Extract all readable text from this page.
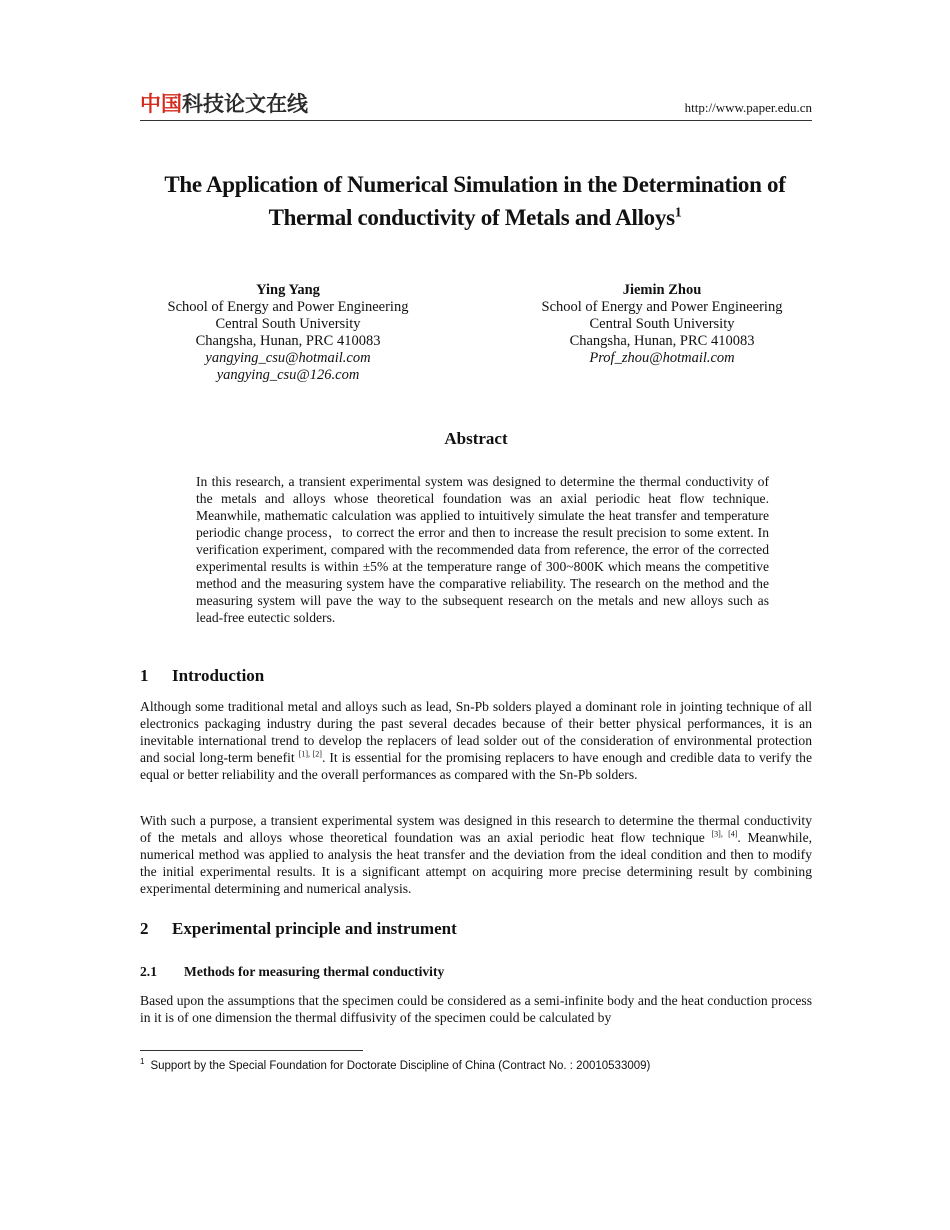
中国 科技论文在线	http://www.paper.edu.cn
The Application of Numerical Simulation in the Determination of
Thermal conductivity of Metals and Alloys$^1$
Ying Yang
School of Energy and Power Engineering
Central South University
Changsha, Hunan, PRC 410083
yangying_csu@hotmail.com
yangying_csu@126.com
Jiemin Zhou
School of Energy and Power Engineering
Central South University
Changsha, Hunan, PRC 410083
Prof_zhou@hotmail.com
Abstract
In this research, a transient experimental system was designed to determine the thermal conductivity of the metals and alloys whose theoretical foundation was an axial periodic heat flow technique. Meanwhile, mathematic calculation was applied to intuitively simulate the heat transfer and temperature periodic change process，to correct the error and then to increase the result precision to some extent. In verification experiment, compared with the recommended data from reference, the error of the corrected experimental results is within ±5% at the temperature range of 300~800K which means the competitive method and the measuring system have the comparative reliability. The research on the method and the measuring system will pave the way to the subsequent research on the metals and new alloys such as lead-free eutectic solders.
1 Introduction
Although some traditional metal and alloys such as lead, Sn-Pb solders played a dominant role in jointing technique of all electronics packaging industry during the past several decades because of their better physical performances, it is an inevitable international trend to develop the replacers of lead solder out of the consideration of environmental protection and social long-term benefit [1], [2]. It is essential for the promising replacers to have enough and credible data to verify the equal or better reliability and the overall performances as compared with the Sn-Pb solders.
With such a purpose, a transient experimental system was designed in this research to determine the thermal conductivity of the metals and alloys whose theoretical foundation was an axial periodic heat flow technique [3], [4]. Meanwhile, numerical method was applied to analysis the heat transfer and the deviation from the ideal condition and then to modify the initial experimental results. It is a significant attempt on acquiring more precise determining result by combining experimental determining and numerical analysis.
2 Experimental principle and instrument
2.1 Methods for measuring thermal conductivity
Based upon the assumptions that the specimen could be considered as a semi-infinite body and the heat conduction process in it is of one dimension the thermal diffusivity of the specimen could be calculated by
$^1$ Support by the Special Foundation for Doctorate Discipline of China (Contract No. : 20010533009)
